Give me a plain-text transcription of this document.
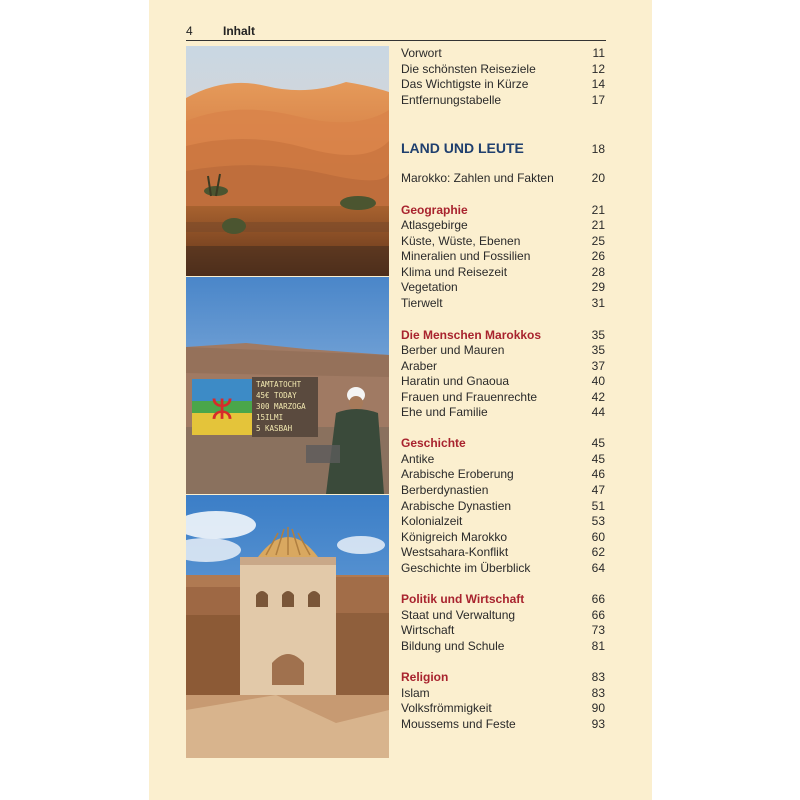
4	Inhalt
ⵣ
TAMTATOCHT
45€ TODAY
300 MARZOGA
15ILMI
5 KASBAH
Vorwort	11
Die schönsten Reiseziele	12
Das Wichtigste in Kürze	14
Entfernungstabelle	17
LAND UND LEUTE	18
Marokko: Zahlen und Fakten	20
Geographie	21
Atlasgebirge	21
Küste, Wüste, Ebenen	25
Mineralien und Fossilien	26
Klima und Reisezeit	28
Vegetation	29
Tierwelt	31
Die Menschen Marokkos	35
Berber und Mauren	35
Araber	37
Haratin und Gnaoua	40
Frauen und Frauenrechte	42
Ehe und Familie	44
Geschichte	45
Antike	45
Arabische Eroberung	46
Berberdynastien	47
Arabische Dynastien	51
Kolonialzeit	53
Königreich Marokko	60
Westsahara-Konflikt	62
Geschichte im Überblick	64
Politik und Wirtschaft	66
Staat und Verwaltung	66
Wirtschaft	73
Bildung und Schule	81
Religion	83
Islam	83
Volksfrömmigkeit	90
Moussems und Feste	93
